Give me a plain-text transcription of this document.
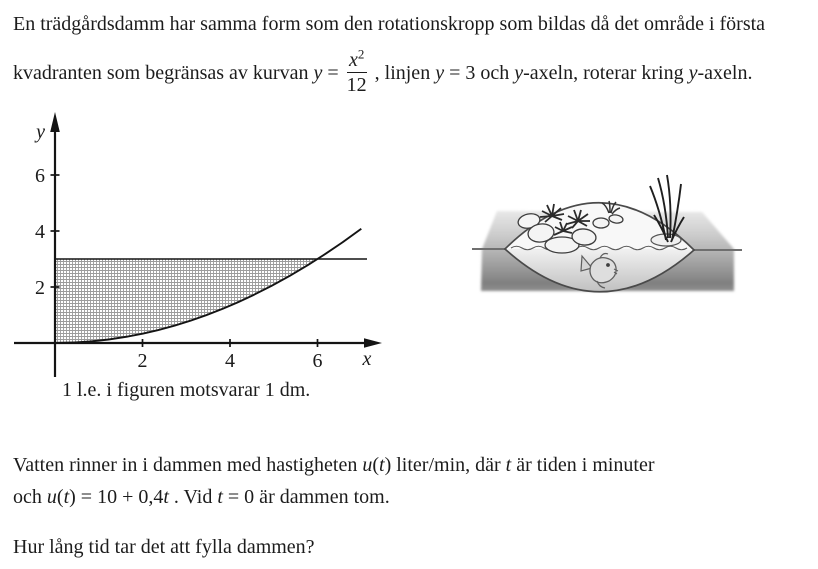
2
4
6
2	4	6
y
x
En trädgårdsdamm har samma form som den rotationskropp som bildas då det område i första
kvadranten som begränsas av kurvan $y = \frac{x^2}{12}$ , linjen y = 3 och y-axeln, roterar kring y-axeln.
1 l.e. i figuren motsvarar 1 dm.
Vatten rinner in i dammen med hastigheten u(t) liter/min, där t är tiden i minuter
och u(t) = 10 + 0,4t . Vid t = 0 är dammen tom.
Hur lång tid tar det att fylla dammen?
